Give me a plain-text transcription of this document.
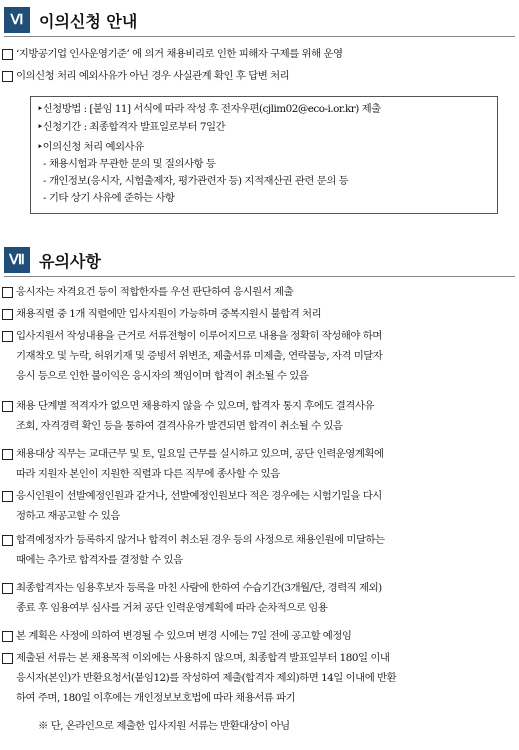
Ⅵ 이의신청 안내
‘지방공기업 인사운영기준’ 에 의거 채용비리로 인한 피해자 구제를 위해 운영
이의신청 처리 예외사유가 아닌 경우 사실관계 확인 후 답변 처리
‣신청방법 : [붙임 11] 서식에 따라 작성 후 전자우편(cjlim02@eco-i.or.kr) 제출
‣신청기간 : 최종합격자 발표일로부터 7일간
‣이의신청 처리 예외사유
- 채용시험과 무관한 문의 및 질의사항 등
- 개인정보(응시자, 시험출제자, 평가관련자 등) 지적재산권 관련 문의 등
- 기타 상기 사유에 준하는 사항
Ⅶ 유의사항
응시자는 자격요건 등이 적합한자를 우선 판단하여 응시원서 제출
채용직렬 중 1개 직렬에만 입사지원이 가능하며 중복지원시 불합격 처리
입사지원서 작성내용을 근거로 서류전형이 이루어지므로 내용을 정확히 작성해야 하며
기재착오 및 누락, 허위기재 및 증빙서 위변조, 제출서류 미제출, 연락불능, 자격 미달자
응시 등으로 인한 불이익은 응시자의 책임이며 합격이 취소될 수 있음
채용 단계별 적격자가 없으면 채용하지 않을 수 있으며, 합격자 통지 후에도 결격사유
조회, 자격경력 확인 등을 통하여 결격사유가 발견되면 합격이 취소될 수 있음
채용대상 직무는 교대근무 및 토, 일요일 근무를 실시하고 있으며, 공단 인력운영계획에
따라 지원자 본인이 지원한 직렬과 다른 직무에 종사할 수 있음
응시인원이 선발예정인원과 같거나, 선발예정인원보다 적은 경우에는 시험기일을 다시
정하고 재공고할 수 있음
합격예정자가 등록하지 않거나 합격이 취소된 경우 등의 사정으로 채용인원에 미달하는
때에는 추가로 합격자를 결정할 수 있음
최종합격자는 임용후보자 등록을 마친 사람에 한하여 수습기간(3개월/단, 경력직 제외)
종료 후 임용여부 심사를 거쳐 공단 인력운영계획에 따라 순차적으로 임용
본 계획은 사정에 의하여 변경될 수 있으며 변경 시에는 7일 전에 공고할 예정임
제출된 서류는 본 채용목적 이외에는 사용하지 않으며, 최종합격 발표일부터 180일 이내
응시자(본인)가 반환요청서(붙임12)를 작성하여 제출(합격자 제외)하면 14일 이내에 반환
하여 주며, 180일 이후에는 개인정보보호법에 따라 채용서류 파기
※ 단, 온라인으로 제출한 입사지원 서류는 반환대상이 아님
